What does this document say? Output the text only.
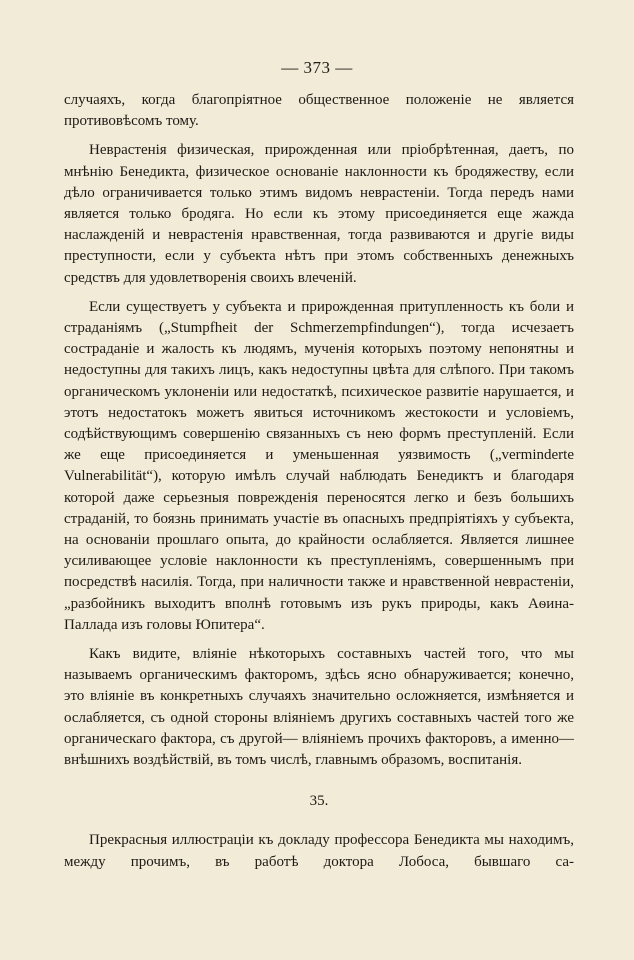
— 373 —

случаяхъ, когда благопріятное общественное положеніе не является противовѣсомъ тому.

Неврастенія физическая, прирожденная или пріобрѣтенная, даетъ, по мнѣнію Бенедикта, физическое основаніе наклонности къ бродяжеству, если дѣло ограничивается только этимъ видомъ неврастеніи. Тогда передъ нами является только бродяга. Но если къ этому присоединяется еще жажда наслажденій и неврастенія нравственная, тогда развиваются и другіе виды преступности, если у субъекта нѣтъ при этомъ собственныхъ денежныхъ средствъ для удовлетворенія своихъ влеченій.

Если существуетъ у субъекта и прирожденная притупленность къ боли и страданіямъ („Stumpfheit der Schmerzempfindungen“), тогда исчезаетъ состраданіе и жалость къ людямъ, мученія которыхъ поэтому непонятны и недоступны для такихъ лицъ, какъ недоступны цвѣта для слѣпого. При такомъ органическомъ уклоненіи или недостаткѣ, психическое развитіе нарушается, и этотъ недостатокъ можетъ явиться источникомъ жестокости и условіемъ, содѣйствующимъ совершенію связанныхъ съ нею формъ преступленій. Если же еще присоединяется и уменьшенная уязвимость („verminderte Vulnerabilität“), которую имѣлъ случай наблюдать Бенедиктъ и благодаря которой даже серьезныя поврежденія переносятся легко и безъ большихъ страданій, то боязнь принимать участіе въ опасныхъ предпріятіяхъ у субъекта, на основаніи прошлаго опыта, до крайности ослабляется. Является лишнее усиливающее условіе наклонности къ преступленіямъ, совершеннымъ при посредствѣ насилія. Тогда, при наличности также и нравственной неврастеніи, „разбойникъ выходитъ вполнѣ готовымъ изъ рукъ природы, какъ Аѳина-Паллада изъ головы Юпитера“.

Какъ видите, вліяніе нѣкоторыхъ составныхъ частей того, что мы называемъ органическимъ факторомъ, здѣсь ясно обнаруживается; конечно, это вліяніе въ конкретныхъ случаяхъ значительно осложняется, измѣняется и ослабляется, съ одной стороны вліяніемъ другихъ составныхъ частей того же органическаго фактора, съ другой— вліяніемъ прочихъ факторовъ, а именно—внѣшнихъ воздѣйствій, въ томъ числѣ, главнымъ образомъ, воспитанія.

35.

Прекрасныя иллюстраціи къ докладу профессора Бенедикта мы находимъ, между прочимъ, въ работѣ доктора Лобоса, бывшаго са-
